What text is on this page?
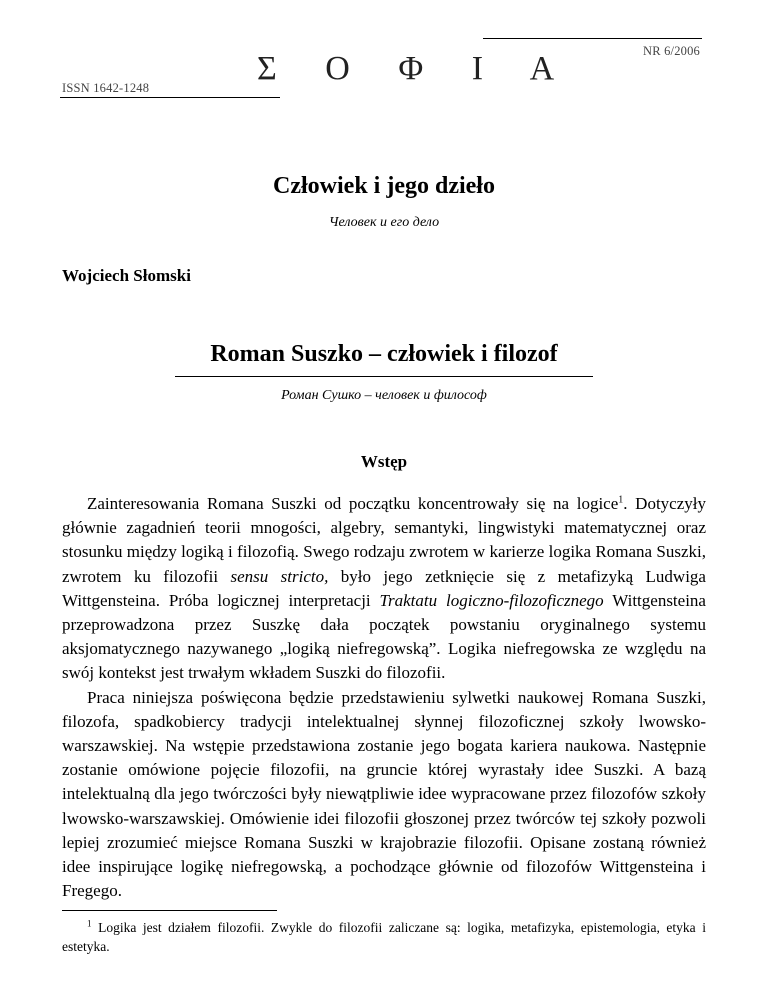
NR 6/2006
Σ Ο Φ Ι Α
ISSN 1642-1248
Człowiek i jego dzieło
Человек и его дело
Wojciech Słomski
Roman Suszko – człowiek i filozof
Роман Сушко – человек и философ
Wstęp

Zainteresowania Romana Suszki od początku koncentrowały się na logice$^1$. Dotyczyły głównie zagadnień teorii mnogości, algebry, semantyki, lingwistyki matematycznej oraz stosunku między logiką i filozofią. Swego rodzaju zwrotem w karierze logika Romana Suszki, zwrotem ku filozofii sensu stricto, było jego zetknięcie się z metafizyką Ludwiga Wittgensteina. Próba logicznej interpretacji Traktatu logiczno-filozoficznego Wittgensteina przeprowadzona przez Suszkę dała początek powstaniu oryginalnego systemu aksjomatycznego nazywanego „logiką niefregowską”. Logika niefregowska ze względu na swój kontekst jest trwałym wkładem Suszki do filozofii.

Praca niniejsza poświęcona będzie przedstawieniu sylwetki naukowej Romana Suszki, filozofa, spadkobiercy tradycji intelektualnej słynnej filozoficznej szkoły lwowsko-warszawskiej. Na wstępie przedstawiona zostanie jego bogata kariera naukowa. Następnie zostanie omówione pojęcie filozofii, na gruncie której wyrastały idee Suszki. A bazą intelektualną dla jego twórczości były niewątpliwie idee wypracowane przez filozofów szkoły lwowsko-warszawskiej. Omówienie idei filozofii głoszonej przez twórców tej szkoły pozwoli lepiej zrozumieć miejsce Romana Suszki w krajobrazie filozofii. Opisane zostaną również idee inspirujące logikę niefregowską, a pochodzące głównie od filozofów Wittgensteina i Fregego.

$^1$ Logika jest działem filozofii. Zwykle do filozofii zaliczane są: logika, metafizyka, epistemologia, etyka i estetyka.
